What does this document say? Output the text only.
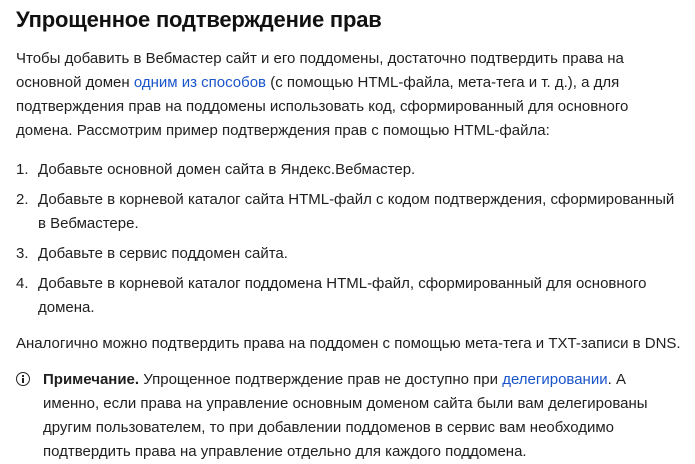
Упрощенное подтверждение прав
Чтобы добавить в Вебмастер сайт и его поддомены, достаточно подтвердить права на основной домен одним из способов (с помощью HTML-файла, мета-тега и т. д.), а для подтверждения прав на поддомены использовать код, сформированный для основного домена. Рассмотрим пример подтверждения прав с помощью HTML-файла:
1. Добавьте основной домен сайта в Яндекс.Вебмастер.
2. Добавьте в корневой каталог сайта HTML-файл с кодом подтверждения, сформированный в Вебмастере.
3. Добавьте в сервис поддомен сайта.
4. Добавьте в корневой каталог поддомена HTML-файл, сформированный для основного домена.
Аналогично можно подтвердить права на поддомен с помощью мета-тега и TXT-записи в DNS.
Примечание. Упрощенное подтверждение прав не доступно при делегировании. А именно, если права на управление основным доменом сайта были вам делегированы другим пользователем, то при добавлении поддоменов в сервис вам необходимо подтвердить права на управление отдельно для каждого поддомена.
